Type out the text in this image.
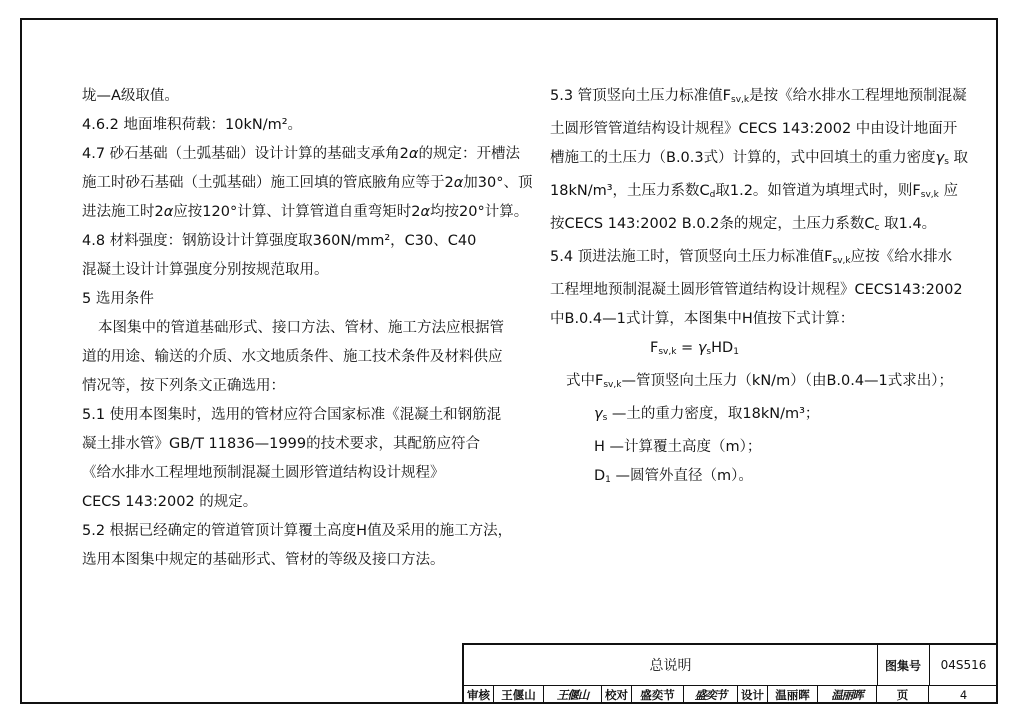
垅—A级取值。
4.6.2 地面堆积荷载：10kN/m²。
4.7 砂石基础（土弧基础）设计计算的基础支承角2α的规定：开槽法
施工时砂石基础（土弧基础）施工回填的管底腋角应等于2α加30°、顶
进法施工时2α应按120°计算、计算管道自重弯矩时2α均按20°计算。
4.8 材料强度：钢筋设计计算强度取360N/mm²，C30、C40
混凝土设计计算强度分别按规范取用。
5 选用条件
本图集中的管道基础形式、接口方法、管材、施工方法应根据管
道的用途、输送的介质、水文地质条件、施工技术条件及材料供应
情况等，按下列条文正确选用：
5.1 使用本图集时，选用的管材应符合国家标准《混凝土和钢筋混
凝土排水管》GB/T 11836—1999的技术要求，其配筋应符合
《给水排水工程埋地预制混凝土圆形管道结构设计规程》
CECS 143:2002 的规定。
5.2 根据已经确定的管道管顶计算覆土高度H值及采用的施工方法，
选用本图集中规定的基础形式、管材的等级及接口方法。
5.3 管顶竖向土压力标准值$F_{sv,k}$是按《给水排水工程埋地预制混凝
土圆形管管道结构设计规程》CECS 143:2002 中由设计地面开
槽施工的土压力（B.0.3式）计算的，式中回填土的重力密度$\gamma_s$ 取
18kN/m³，土压力系数$C_d$取1.2。如管道为填埋式时，则$F_{sv,k}$ 应
按CECS 143:2002 B.0.2条的规定，土压力系数$C_c$ 取1.4。
5.4 顶进法施工时，管顶竖向土压力标准值$F_{sv,k}$应按《给水排水
工程埋地预制混凝土圆形管管道结构设计规程》CECS143:2002
中B.0.4—1式计算，本图集中H值按下式计算：
$F_{sv,k} = \gamma_sHD_1$
式中$F_{sv,k}—$管顶竖向土压力（kN/m）（由B.0.4—1式求出）；
$\gamma_s$ —土的重力密度，取18kN/m³；
H —计算覆土高度（m）；
$D_1$ —圆管外直径（m）。
总说明	图集号	04S516
审核 王偃山	王偃山	校对	盛奕节	盛奕节	设计 温丽晖	温丽晖	页	4
